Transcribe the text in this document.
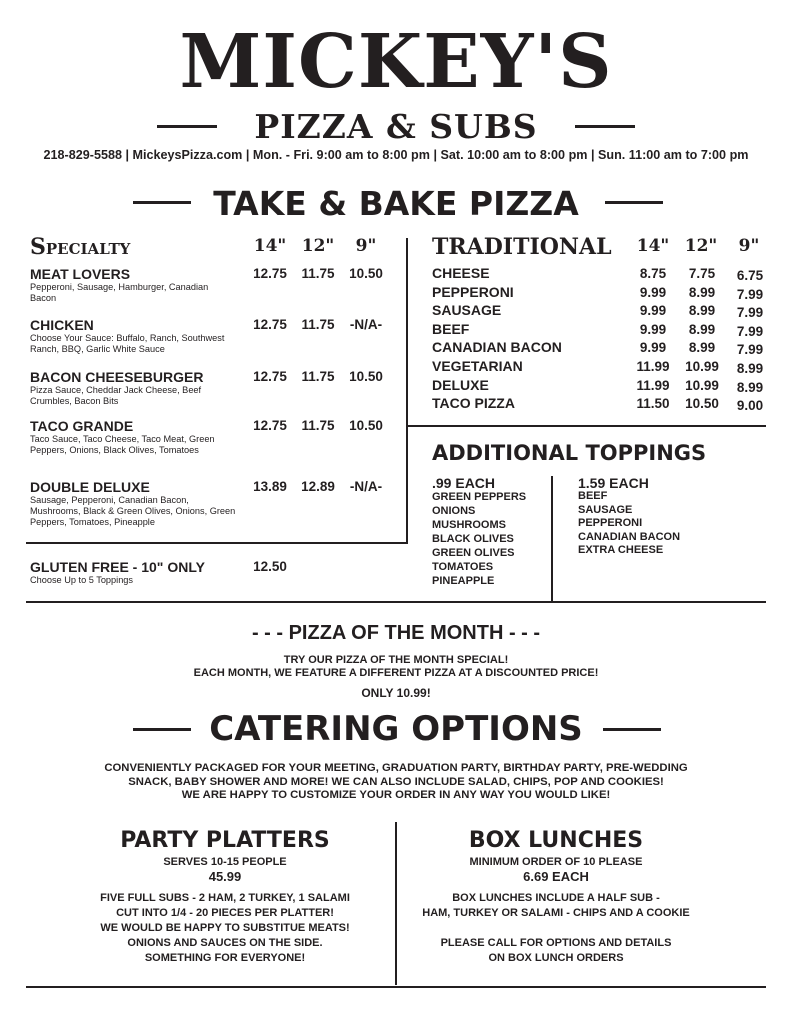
MICKEY'S
PIZZA & SUBS
218-829-5588 | MickeysPizza.com | Mon. - Fri. 9:00 am to 8:00 pm | Sat. 10:00 am to 8:00 pm | Sun. 11:00 am to 7:00 pm
TAKE & BAKE PIZZA
Specialty	14" 12"	9"
MEAT LOVERS
Pepperoni, Sausage, Hamburger, Canadian Bacon
12.75	11.75	10.50
CHICKEN
Choose Your Sauce: Buffalo, Ranch, Southwest Ranch, BBQ, Garlic White Sauce
12.75	11.75	-N/A-
BACON CHEESEBURGER
Pizza Sauce, Cheddar Jack Cheese, Beef Crumbles, Bacon Bits
12.75	11.75	10.50
TACO GRANDE
Taco Sauce, Taco Cheese, Taco Meat, Green Peppers, Onions, Black Olives, Tomatoes
12.75	11.75	10.50
DOUBLE DELUXE
Sausage, Pepperoni, Canadian Bacon, Mushrooms, Black & Green Olives, Onions, Green Peppers, Tomatoes, Pineapple
13.89	12.89	-N/A-
GLUTEN FREE - 10" ONLY
Choose Up to 5 Toppings
12.50
TRADITIONAL 14" 12"	9"
CHEESE	8.75	7.75	6.75
PEPPERONI	9.99	8.99	7.99
SAUSAGE	9.99	8.99	7.99
BEEF	9.99	8.99	7.99
CANADIAN BACON	9.99	8.99	7.99
VEGETARIAN	11.99	10.99	8.99
DELUXE	11.99	10.99	8.99
TACO PIZZA	11.50	10.50	9.00
ADDITIONAL TOPPINGS
.99 EACH
GREEN PEPPERS
ONIONS
MUSHROOMS
BLACK OLIVES
GREEN OLIVES
TOMATOES
PINEAPPLE
1.59 EACH
BEEF
SAUSAGE
PEPPERONI
CANADIAN BACON
EXTRA CHEESE
- - - PIZZA OF THE MONTH - - -
TRY OUR PIZZA OF THE MONTH SPECIAL!
EACH MONTH, WE FEATURE A DIFFERENT PIZZA AT A DISCOUNTED PRICE!
ONLY 10.99!
CATERING OPTIONS
CONVENIENTLY PACKAGED FOR YOUR MEETING, GRADUATION PARTY, BIRTHDAY PARTY, PRE-WEDDING
SNACK, BABY SHOWER AND MORE! WE CAN ALSO INCLUDE SALAD, CHIPS, POP AND COOKIES!
WE ARE HAPPY TO CUSTOMIZE YOUR ORDER IN ANY WAY YOU WOULD LIKE!
PARTY PLATTERS
SERVES 10-15 PEOPLE
45.99
FIVE FULL SUBS - 2 HAM, 2 TURKEY, 1 SALAMI
CUT INTO 1/4 - 20 PIECES PER PLATTER!
WE WOULD BE HAPPY TO SUBSTITUE MEATS!
ONIONS AND SAUCES ON THE SIDE.
SOMETHING FOR EVERYONE!
BOX LUNCHES
MINIMUM ORDER OF 10 PLEASE
6.69 EACH
BOX LUNCHES INCLUDE A HALF SUB -
HAM, TURKEY OR SALAMI - CHIPS AND A COOKIE
PLEASE CALL FOR OPTIONS AND DETAILS
ON BOX LUNCH ORDERS
